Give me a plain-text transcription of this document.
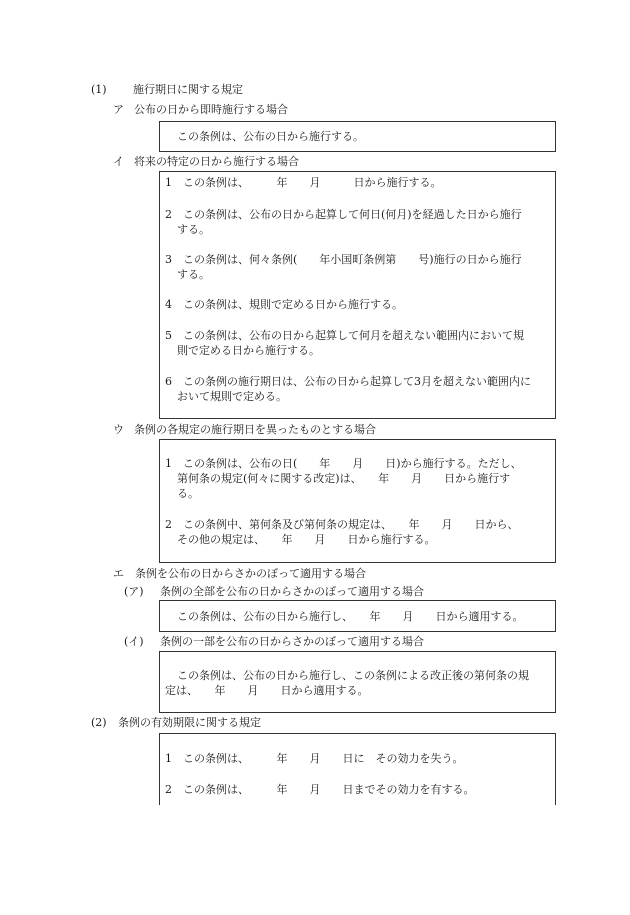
(1) 施行期日に関する規定
ア 公布の日から即時施行する場合
この条例は、公布の日から施行する。
イ 将来の特定の日から施行する場合
1　この条例は、　　　年　　月　　　日から施行する。
2　この条例は、公布の日から起算して何日(何月)を経過した日から施行
する。
3　この条例は、何々条例(　　年小国町条例第　　号)施行の日から施行
する。
4　この条例は、規則で定める日から施行する。
5　この条例は、公布の日から起算して何月を超えない範囲内において規
則で定める日から施行する。
6　この条例の施行期日は、公布の日から起算して3月を超えない範囲内に
おいて規則で定める。
ウ 条例の各規定の施行期日を異ったものとする場合
1　この条例は、公布の日(　　年　　月　　日)から施行する。ただし、
第何条の規定(何々に関する改定)は、　　年　　月　　日から施行す
る。
2　この条例中、第何条及び第何条の規定は、　　年　　月　　日から、
その他の規定は、　　年　　月　　日から施行する。
エ 条例を公布の日からさかのぼって適用する場合
(ア) 条例の全部を公布の日からさかのぼって適用する場合
この条例は、公布の日から施行し、　　年　　月　　日から適用する。
(イ) 条例の一部を公布の日からさかのぼって適用する場合
この条例は、公布の日から施行し、この条例による改正後の第何条の規
定は、　　年　　月　　日から適用する。
(2) 条例の有効期限に関する規定
1　この条例は、　　　年　　月　　日に　その効力を失う。
2　この条例は、　　　年　　月　　日までその効力を有する。
